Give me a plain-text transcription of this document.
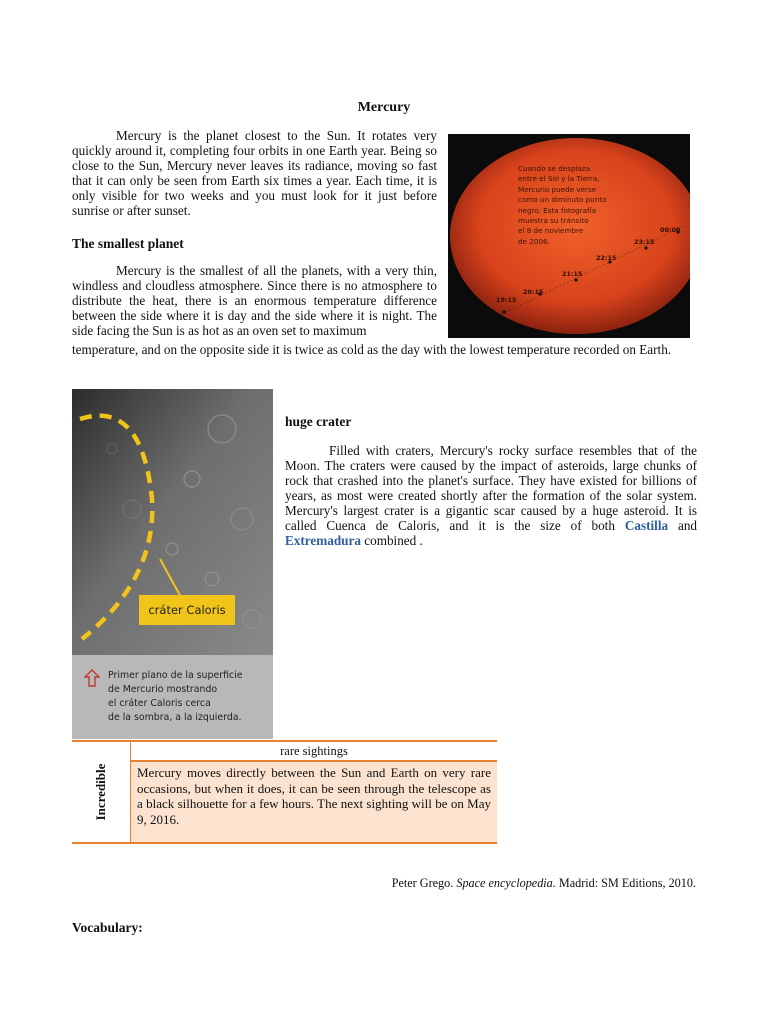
Mercury

Mercury is the planet closest to the Sun. It rotates very quickly around it, completing four orbits in one Earth year. Being so close to the Sun, Mercury never leaves its radiance, moving so fast that it can only be seen from Earth six times a year. Each time, it is only visible for two weeks and you must look for it just before sunrise or after sunset.

The smallest planet

Mercury is the smallest of all the planets, with a very thin, windless and cloudless atmosphere. Since there is no atmosphere to distribute the heat, there is an enormous temperature difference between the side where it is day and the side where it is night. The side facing the Sun is as hot as an oven set to maximum

temperature, and on the opposite side it is twice as cold as the day with the lowest temperature recorded on Earth.

Cuando se desplaza
entre el Sol y la Tierra,
Mercurio puede verse
como un diminuto punto
negro. Esta fotografía
muestra su tránsito
el 8 de noviembre
de 2006.
19:15
20:15
21:15
22:15
23:15
00:00
cráter Caloris
Primer plano de la superficie
de Mercurio mostrando
el cráter Caloris cerca
de la sombra, a la izquierda.
huge crater

Filled with craters, Mercury's rocky surface resembles that of the Moon. The craters were caused by the impact of asteroids, large chunks of rock that crashed into the planet's surface. They have existed for billions of years, as most were created shortly after the formation of the solar system. Mercury's largest crater is a gigantic scar caused by a huge asteroid. It is called Cuenca de Caloris, and it is the size of both Castilla and Extremadura combined .

Incredible
rare sightings

Mercury moves directly between the Sun and Earth on very rare occasions, but when it does, it can be seen through the telescope as a black silhouette for a few hours. The next sighting will be on May 9, 2016.

Peter Grego. Space encyclopedia. Madrid: SM Editions, 2010.
Vocabulary:
